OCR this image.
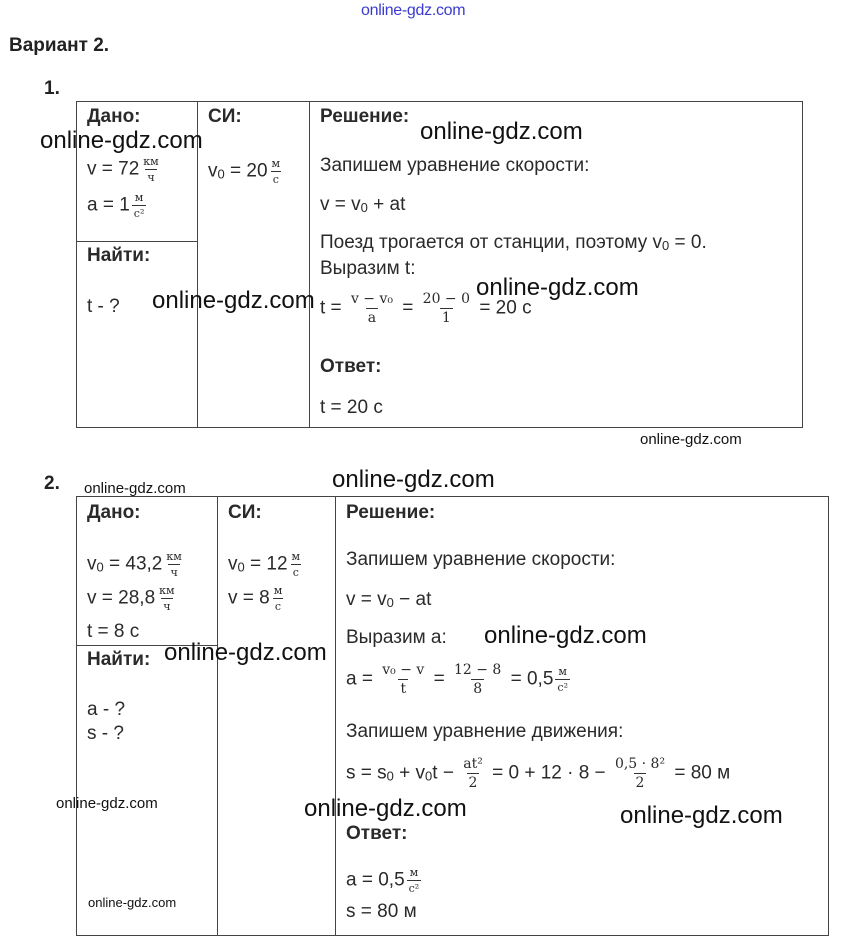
online-gdz.com
Вариант 2.
1.
Дано:
$v = 72 \frac{км}{ч}$
$a = 1 \frac{м}{\text{c²}}$
Найти:
t - ?
СИ:
$v_0 = 20 \frac{м}{с}$
Решение:
Запишем уравнение скорости:
$v = v_0$ + at
Поезд трогается от станции, поэтому $v_0 = 0$.
Выразим t:
$t = \frac{\text{v − v₀}}{a} = \frac{20 - 0}{1} = 20$ с
Ответ:
t = 20 с
2.
Дано:
$v_0 = 43,2 \frac{км}{ч}$
$v = 28,8 \frac{км}{ч}$
t = 8 с
Найти:
a - ?
s - ?
СИ:
$v_0 = 12 \frac{м}{с}$
$v = 8 \frac{м}{с}$
Решение:
Запишем уравнение скорости:
$v = v_0$ − at
Выразим a:
$a = \frac{\text{v₀ − v}}{t} = \frac{12 - 8}{8} = 0,5 \frac{м}{\text{c²}}$
Запишем уравнение движения:
$s = s_0 + v_0t - \frac{\text{at²}}{2} = 0 + 12 \cdot 8 - \frac{\text{0,5 · 8²}}{2} = 80$ м
Ответ:
$a = 0,5 \frac{м}{\text{c²}}$
s = 80 м
online-gdz.com	online-gdz.com
online-gdz.com	online-gdz.com
online-gdz.com
online-gdz.com	online-gdz.com
online-gdz.com
online-gdz.com
online-gdz.com	online-gdz.com	online-gdz.com
online-gdz.com
